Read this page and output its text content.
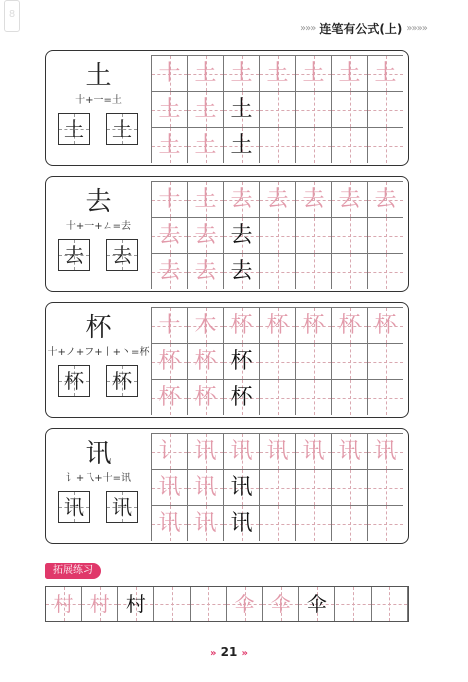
8
»»» 连笔有公式(上) »»»»
土
十+一=土
土 土
十 土 土 土 土 土 土
土 土 土
土 土 土
去
十+一+ㄥ=去
去 去
十 土 去 去 去 去 去
去 去 去
去 去 去
杯
十+ノ+フ+丨+丶=杯
杯 杯
十 木 杯 杯 杯 杯 杯
杯 杯 杯
杯 杯 杯
讯
讠+乁+十=讯
讯 讯
讠 讯 讯 讯 讯 讯 讯
讯 讯 讯
讯 讯 讯
拓展练习
村 村 村	伞 伞 伞
» 21 »
